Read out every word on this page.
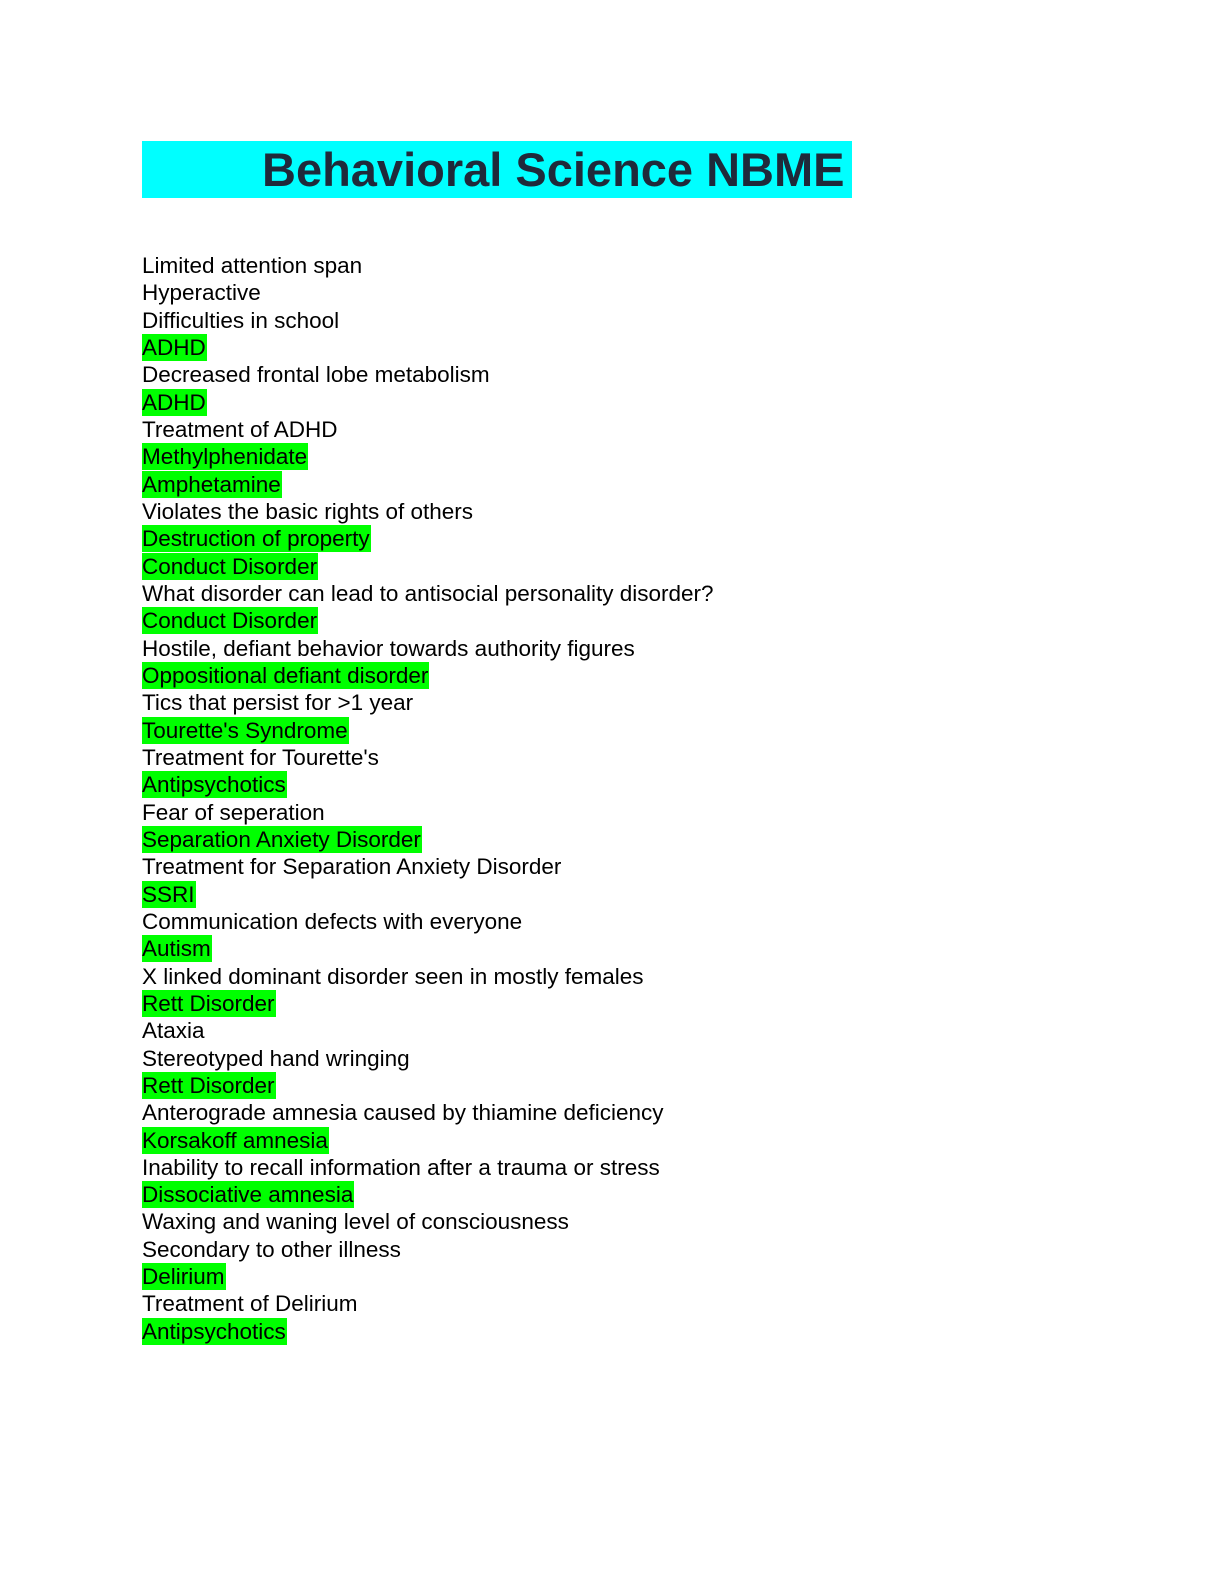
Behavioral Science NBME
Limited attention span
Hyperactive
Difficulties in school
ADHD
Decreased frontal lobe metabolism
ADHD
Treatment of ADHD
Methylphenidate
Amphetamine
Violates the basic rights of others
Destruction of property
Conduct Disorder
What disorder can lead to antisocial personality disorder?
Conduct Disorder
Hostile, defiant behavior towards authority figures
Oppositional defiant disorder
Tics that persist for >1 year
Tourette's Syndrome
Treatment for Tourette's
Antipsychotics
Fear of seperation
Separation Anxiety Disorder
Treatment for Separation Anxiety Disorder
SSRI
Communication defects with everyone
Autism
X linked dominant disorder seen in mostly females
Rett Disorder
Ataxia
Stereotyped hand wringing
Rett Disorder
Anterograde amnesia caused by thiamine deficiency
Korsakoff amnesia
Inability to recall information after a trauma or stress
Dissociative amnesia
Waxing and waning level of consciousness
Secondary to other illness
Delirium
Treatment of Delirium
Antipsychotics
